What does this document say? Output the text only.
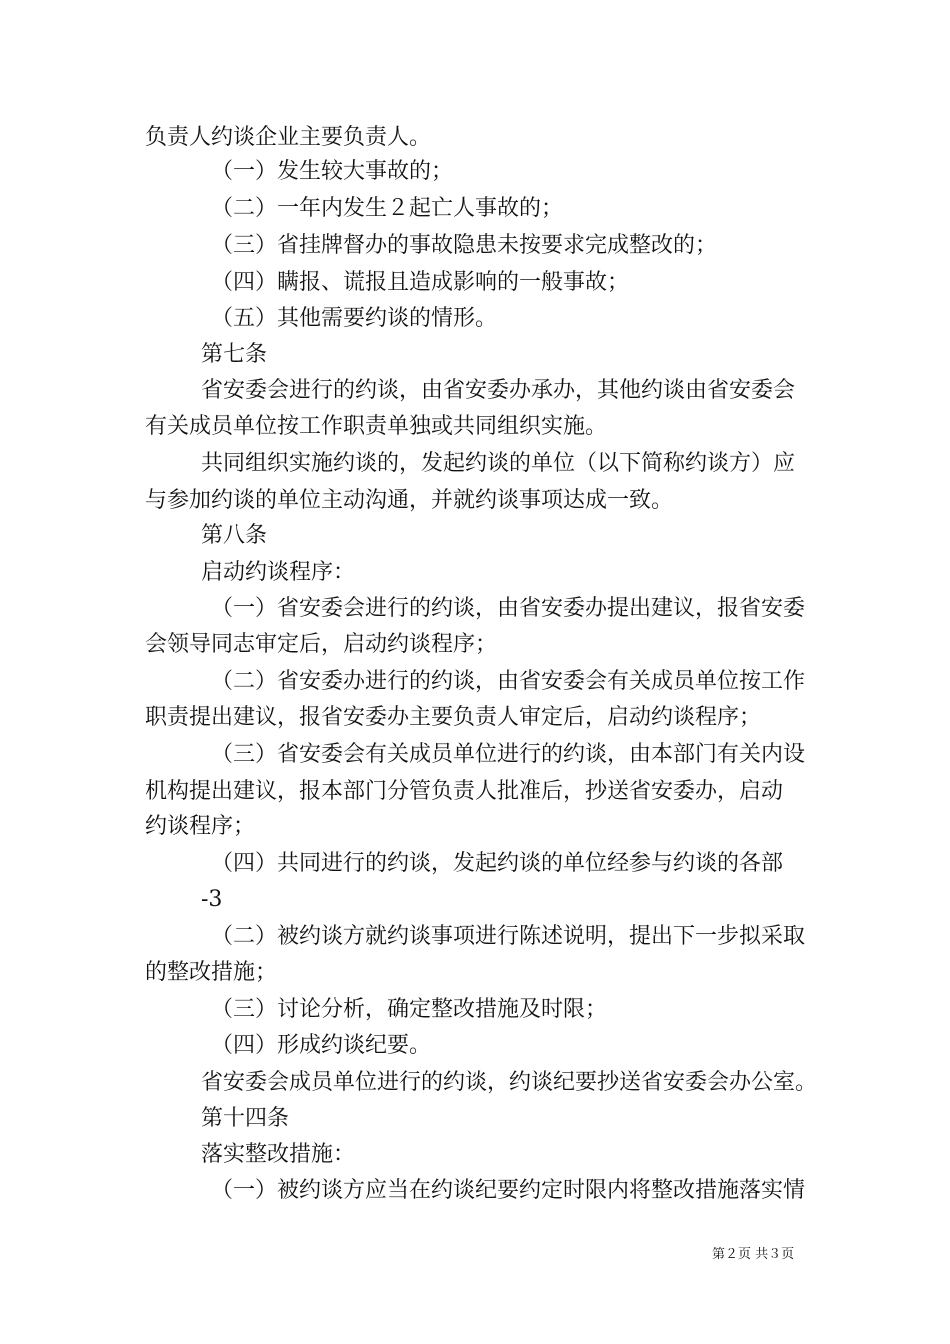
负责人约谈企业主要负责人。
（一）发生较大事故的；
（二）一年内发生２起亡人事故的；
（三）省挂牌督办的事故隐患未按要求完成整改的；
（四）瞒报、谎报且造成影响的一般事故；
（五）其他需要约谈的情形。
第七条
省安委会进行的约谈，由省安委办承办，其他约谈由省安委会
有关成员单位按工作职责单独或共同组织实施。
共同组织实施约谈的，发起约谈的单位（以下简称约谈方）应
与参加约谈的单位主动沟通，并就约谈事项达成一致。
第八条
启动约谈程序：
（一）省安委会进行的约谈，由省安委办提出建议，报省安委
会领导同志审定后，启动约谈程序；
（二）省安委办进行的约谈，由省安委会有关成员单位按工作
职责提出建议，报省安委办主要负责人审定后，启动约谈程序；
（三）省安委会有关成员单位进行的约谈，由本部门有关内设
机构提出建议，报本部门分管负责人批准后，抄送省安委办，启动
约谈程序；
（四）共同进行的约谈，发起约谈的单位经参与约谈的各部
-3
（二）被约谈方就约谈事项进行陈述说明，提出下一步拟采取
的整改措施；
（三）讨论分析，确定整改措施及时限；
（四）形成约谈纪要。
省安委会成员单位进行的约谈，约谈纪要抄送省安委会办公室。
第十四条
落实整改措施：
（一）被约谈方应当在约谈纪要约定时限内将整改措施落实情
第２页 共３页
